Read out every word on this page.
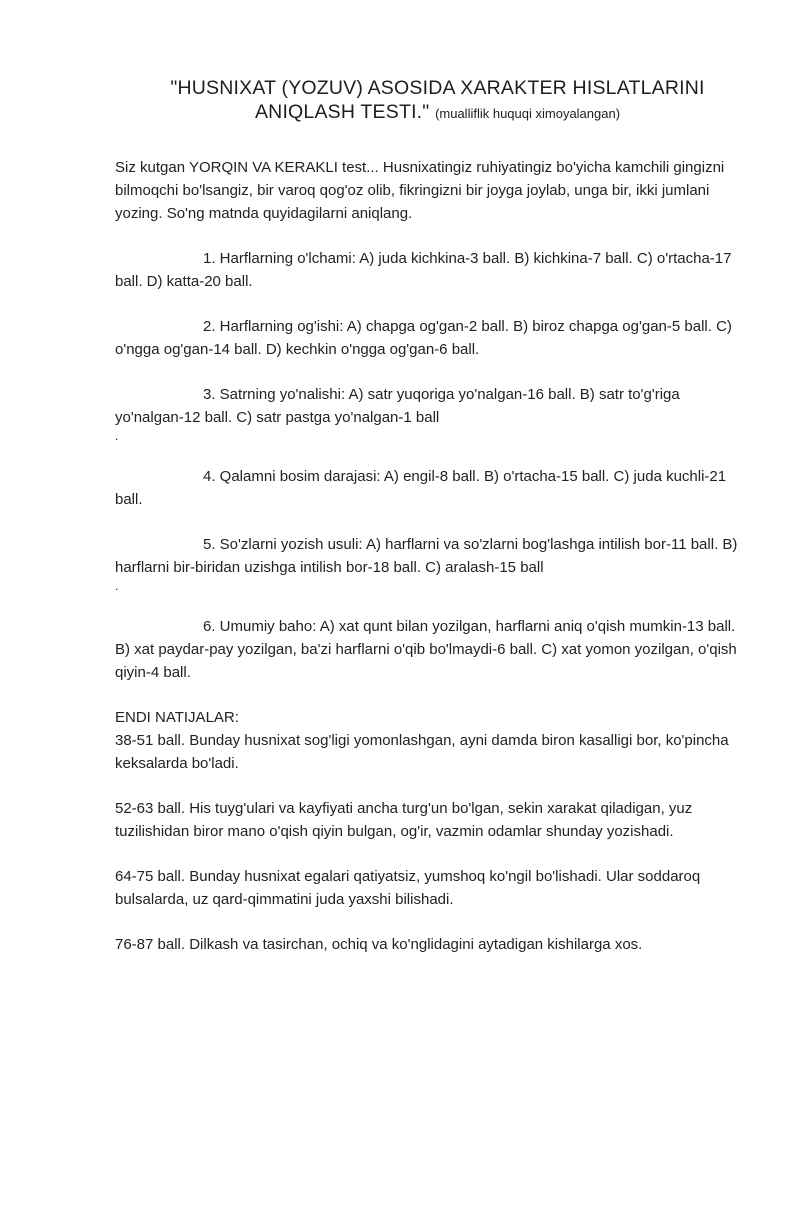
"HUSNIXAT (YOZUV) ASOSIDA XARAKTER HISLATLARINI ANIQLASH TESTI." (mualliflik huquqi ximoyalangan)
Siz kutgan YORQIN VA KERAKLI test... Husnixatingiz ruhiyatingiz bo'yicha kamchili gingizni bilmoqchi bo'lsangiz, bir varoq qog'oz olib, fikringizni bir joyga joylab, unga bir, ikki jumlani yozing. So'ng matnda quyidagilarni aniqlang.
1. Harflarning o'lchami: A) juda kichkina-3 ball. B) kichkina-7 ball. C) o'rtacha-17 ball. D) katta-20 ball.
2. Harflarning og'ishi: A) chapga og'gan-2 ball. B) biroz chapga og'gan-5 ball. C) o'ngga og'gan-14 ball. D) kechkin o'ngga og'gan-6 ball.
3. Satrning yo'nalishi: A) satr yuqoriga yo'nalgan-16 ball. B) satr to'g'riga yo'nalgan-12 ball. C) satr pastga yo'nalgan-1 ball
.
4. Qalamni bosim darajasi: A) engil-8 ball. B) o'rtacha-15 ball. C) juda kuchli-21 ball.
5. So'zlarni yozish usuli: A) harflarni va so'zlarni bog'lashga intilish bor-11 ball. B) harflarni bir-biridan uzishga intilish bor-18 ball. C) aralash-15 ball
.
6. Umumiy baho: A) xat qunt bilan yozilgan, harflarni aniq o'qish mumkin-13 ball. B) xat paydar-pay yozilgan, ba'zi harflarni o'qib bo'lmaydi-6 ball. C) xat yomon yozilgan, o'qish qiyin-4 ball.
ENDI NATIJALAR:
38-51 ball. Bunday husnixat sog'ligi yomonlashgan, ayni damda biron kasalligi bor, ko'pincha keksalarda bo'ladi.
52-63 ball. His tuyg'ulari va kayfiyati ancha turg'un bo'lgan, sekin xarakat qiladigan, yuz tuzilishidan biror mano o'qish qiyin bulgan, og'ir, vazmin odamlar shunday yozishadi.
64-75 ball. Bunday husnixat egalari qatiyatsiz, yumshoq ko'ngil bo'lishadi. Ular soddaroq bulsalarda, uz qard-qimmatini juda yaxshi bilishadi.
76-87 ball. Dilkash va tasirchan, ochiq va ko'nglidagini aytadigan kishilarga xos.
